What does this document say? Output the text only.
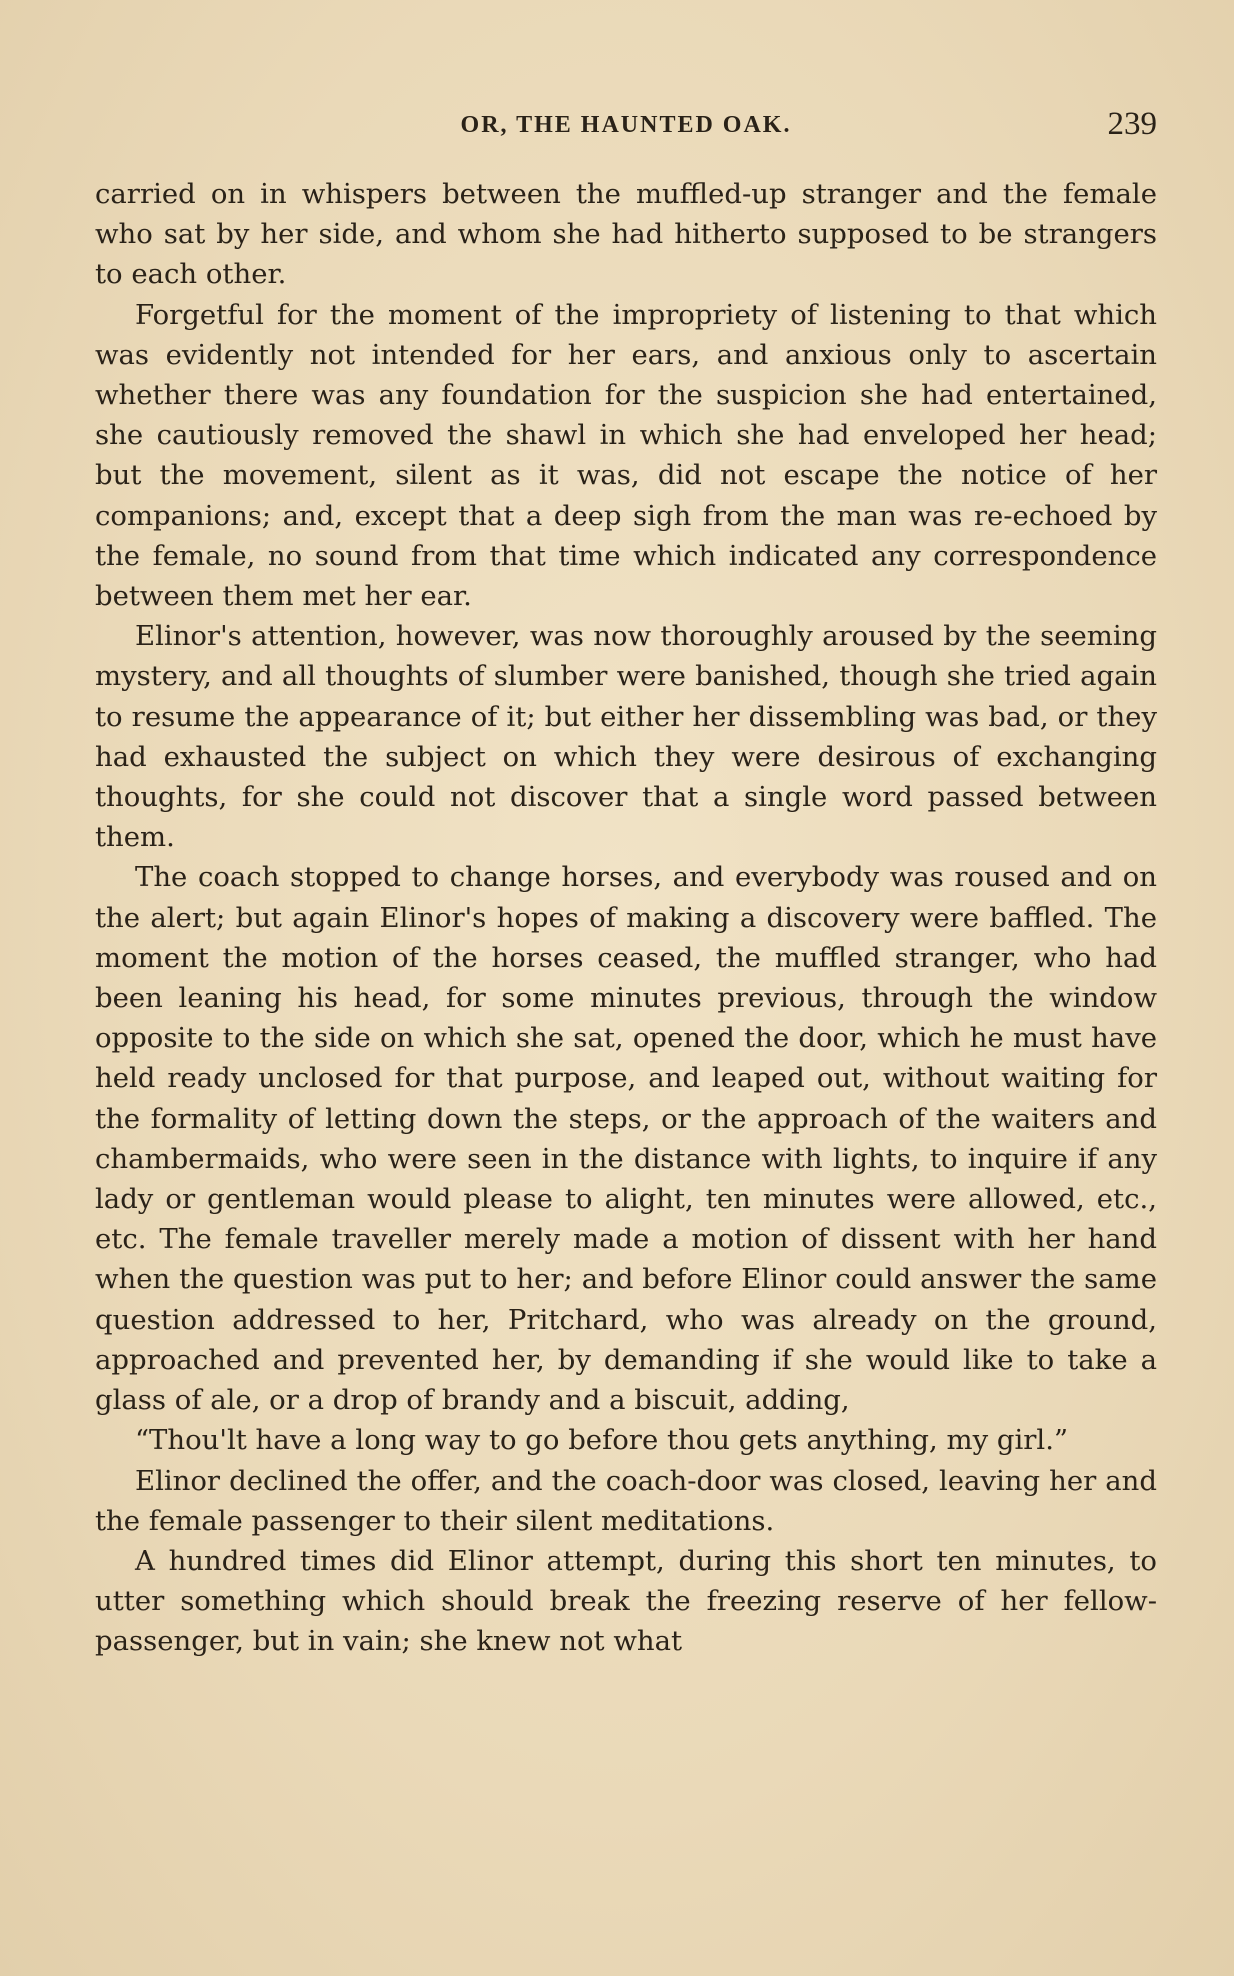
OR, THE HAUNTED OAK.	239

carried on in whispers between the muffled-up stranger and the female who sat by her side, and whom she had hitherto supposed to be strangers to each other.

Forgetful for the moment of the impropriety of listening to that which was evidently not intended for her ears, and anxious only to ascertain whether there was any foundation for the suspicion she had entertained, she cautiously removed the shawl in which she had enveloped her head; but the movement, silent as it was, did not escape the notice of her companions; and, except that a deep sigh from the man was re-echoed by the female, no sound from that time which indicated any correspondence between them met her ear.

Elinor's attention, however, was now thoroughly aroused by the seeming mystery, and all thoughts of slumber were banished, though she tried again to resume the appearance of it; but either her dissembling was bad, or they had exhausted the subject on which they were desirous of exchanging thoughts, for she could not discover that a single word passed between them.

The coach stopped to change horses, and everybody was roused and on the alert; but again Elinor's hopes of making a discovery were baffled. The moment the motion of the horses ceased, the muffled stranger, who had been leaning his head, for some minutes previous, through the window opposite to the side on which she sat, opened the door, which he must have held ready unclosed for that purpose, and leaped out, without waiting for the formality of letting down the steps, or the approach of the waiters and chambermaids, who were seen in the distance with lights, to inquire if any lady or gentleman would please to alight, ten minutes were allowed, etc., etc. The female traveller merely made a motion of dissent with her hand when the question was put to her; and before Elinor could answer the same question addressed to her, Pritchard, who was already on the ground, approached and prevented her, by demanding if she would like to take a glass of ale, or a drop of brandy and a biscuit, adding,

“Thou'lt have a long way to go before thou gets anything, my girl.”

Elinor declined the offer, and the coach-door was closed, leaving her and the female passenger to their silent meditations.

A hundred times did Elinor attempt, during this short ten minutes, to utter something which should break the freezing reserve of her fellow-passenger, but in vain; she knew not what
